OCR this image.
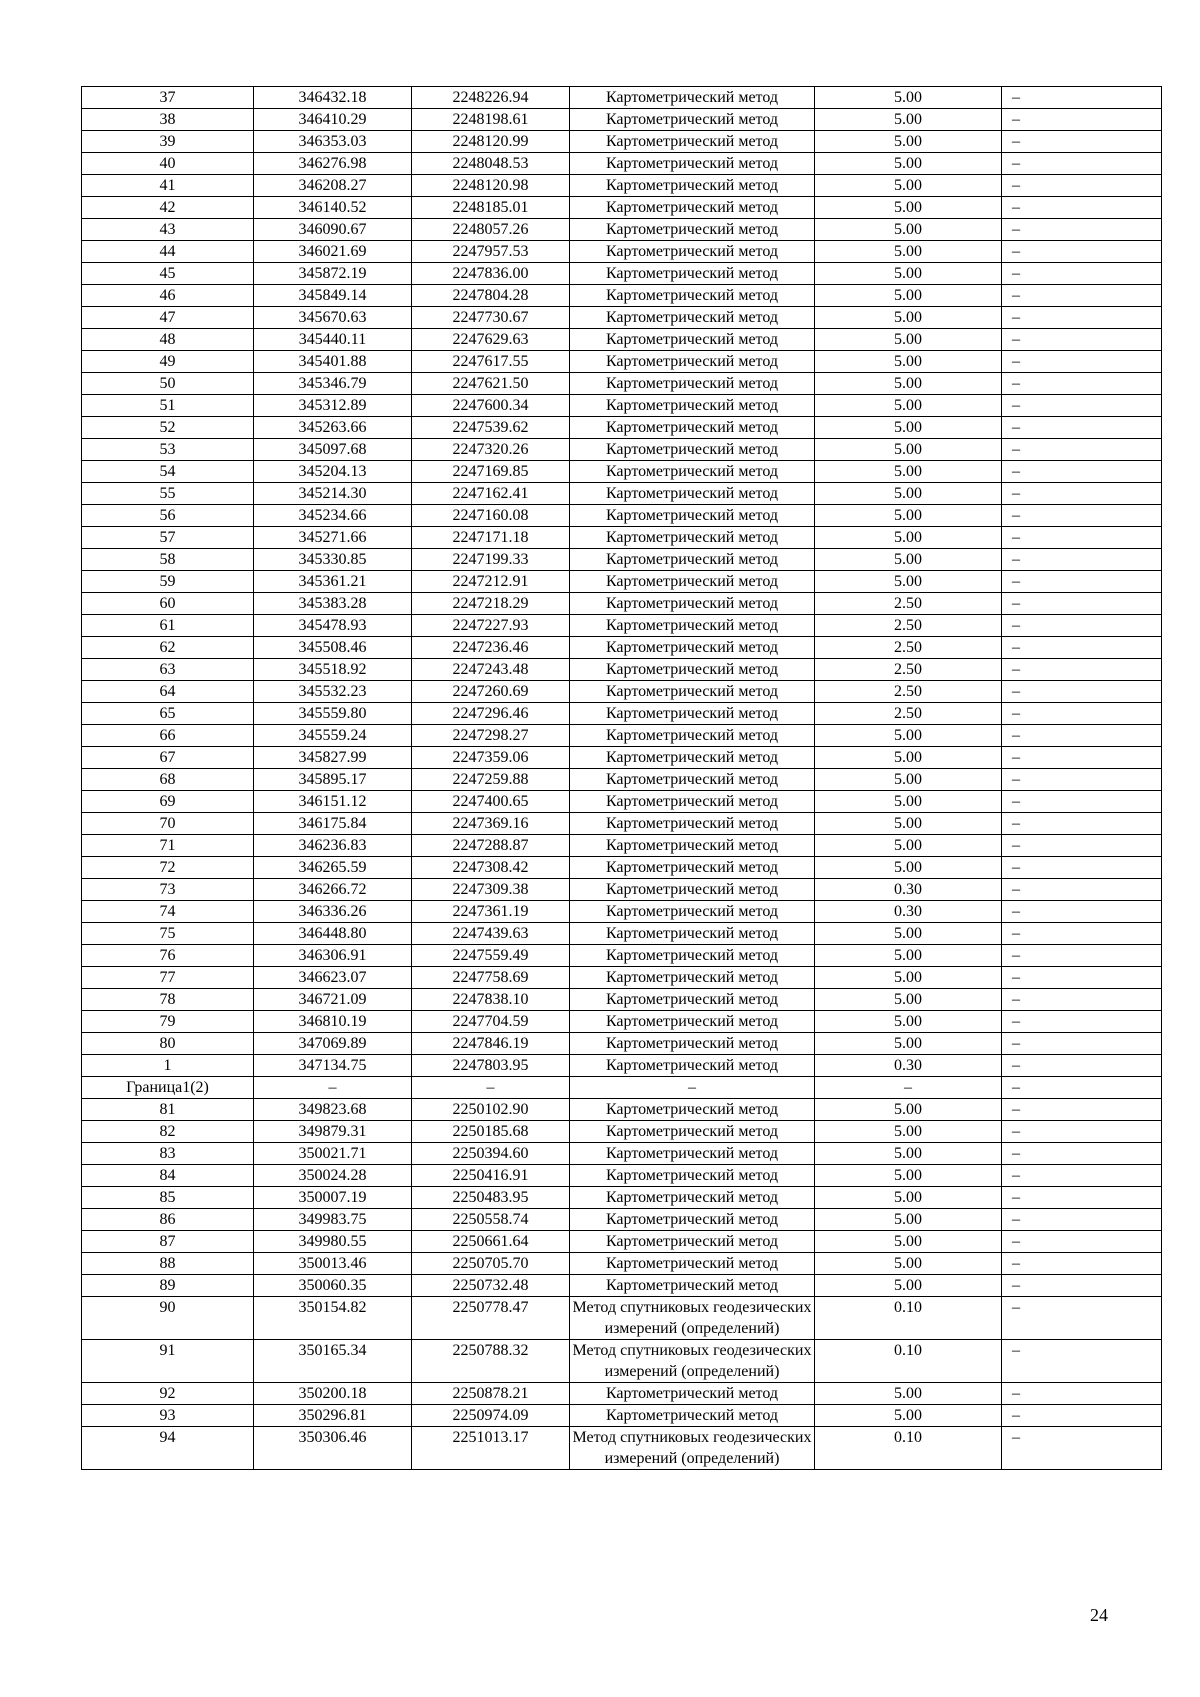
37	346432.18	2248226.94	Картометрический метод	5.00	–
38	346410.29	2248198.61	Картометрический метод	5.00	–
39	346353.03	2248120.99	Картометрический метод	5.00	–
40	346276.98	2248048.53	Картометрический метод	5.00	–
41	346208.27	2248120.98	Картометрический метод	5.00	–
42	346140.52	2248185.01	Картометрический метод	5.00	–
43	346090.67	2248057.26	Картометрический метод	5.00	–
44	346021.69	2247957.53	Картометрический метод	5.00	–
45	345872.19	2247836.00	Картометрический метод	5.00	–
46	345849.14	2247804.28	Картометрический метод	5.00	–
47	345670.63	2247730.67	Картометрический метод	5.00	–
48	345440.11	2247629.63	Картометрический метод	5.00	–
49	345401.88	2247617.55	Картометрический метод	5.00	–
50	345346.79	2247621.50	Картометрический метод	5.00	–
51	345312.89	2247600.34	Картометрический метод	5.00	–
52	345263.66	2247539.62	Картометрический метод	5.00	–
53	345097.68	2247320.26	Картометрический метод	5.00	–
54	345204.13	2247169.85	Картометрический метод	5.00	–
55	345214.30	2247162.41	Картометрический метод	5.00	–
56	345234.66	2247160.08	Картометрический метод	5.00	–
57	345271.66	2247171.18	Картометрический метод	5.00	–
58	345330.85	2247199.33	Картометрический метод	5.00	–
59	345361.21	2247212.91	Картометрический метод	5.00	–
60	345383.28	2247218.29	Картометрический метод	2.50	–
61	345478.93	2247227.93	Картометрический метод	2.50	–
62	345508.46	2247236.46	Картометрический метод	2.50	–
63	345518.92	2247243.48	Картометрический метод	2.50	–
64	345532.23	2247260.69	Картометрический метод	2.50	–
65	345559.80	2247296.46	Картометрический метод	2.50	–
66	345559.24	2247298.27	Картометрический метод	5.00	–
67	345827.99	2247359.06	Картометрический метод	5.00	–
68	345895.17	2247259.88	Картометрический метод	5.00	–
69	346151.12	2247400.65	Картометрический метод	5.00	–
70	346175.84	2247369.16	Картометрический метод	5.00	–
71	346236.83	2247288.87	Картометрический метод	5.00	–
72	346265.59	2247308.42	Картометрический метод	5.00	–
73	346266.72	2247309.38	Картометрический метод	0.30	–
74	346336.26	2247361.19	Картометрический метод	0.30	–
75	346448.80	2247439.63	Картометрический метод	5.00	–
76	346306.91	2247559.49	Картометрический метод	5.00	–
77	346623.07	2247758.69	Картометрический метод	5.00	–
78	346721.09	2247838.10	Картометрический метод	5.00	–
79	346810.19	2247704.59	Картометрический метод	5.00	–
80	347069.89	2247846.19	Картометрический метод	5.00	–
1	347134.75	2247803.95	Картометрический метод	0.30	–
Граница1(2)	–	–	–	–	–
81	349823.68	2250102.90	Картометрический метод	5.00	–
82	349879.31	2250185.68	Картометрический метод	5.00	–
83	350021.71	2250394.60	Картометрический метод	5.00	–
84	350024.28	2250416.91	Картометрический метод	5.00	–
85	350007.19	2250483.95	Картометрический метод	5.00	–
86	349983.75	2250558.74	Картометрический метод	5.00	–
87	349980.55	2250661.64	Картометрический метод	5.00	–
88	350013.46	2250705.70	Картометрический метод	5.00	–
89	350060.35	2250732.48	Картометрический метод	5.00	–
90	350154.82	2250778.47	Метод спутниковых геодезических измерений (определений)	0.10	–
91	350165.34	2250788.32	Метод спутниковых геодезических измерений (определений)	0.10	–
92	350200.18	2250878.21	Картометрический метод	5.00	–
93	350296.81	2250974.09	Картометрический метод	5.00	–
94	350306.46	2251013.17	Метод спутниковых геодезических измерений (определений)	0.10	–
24
